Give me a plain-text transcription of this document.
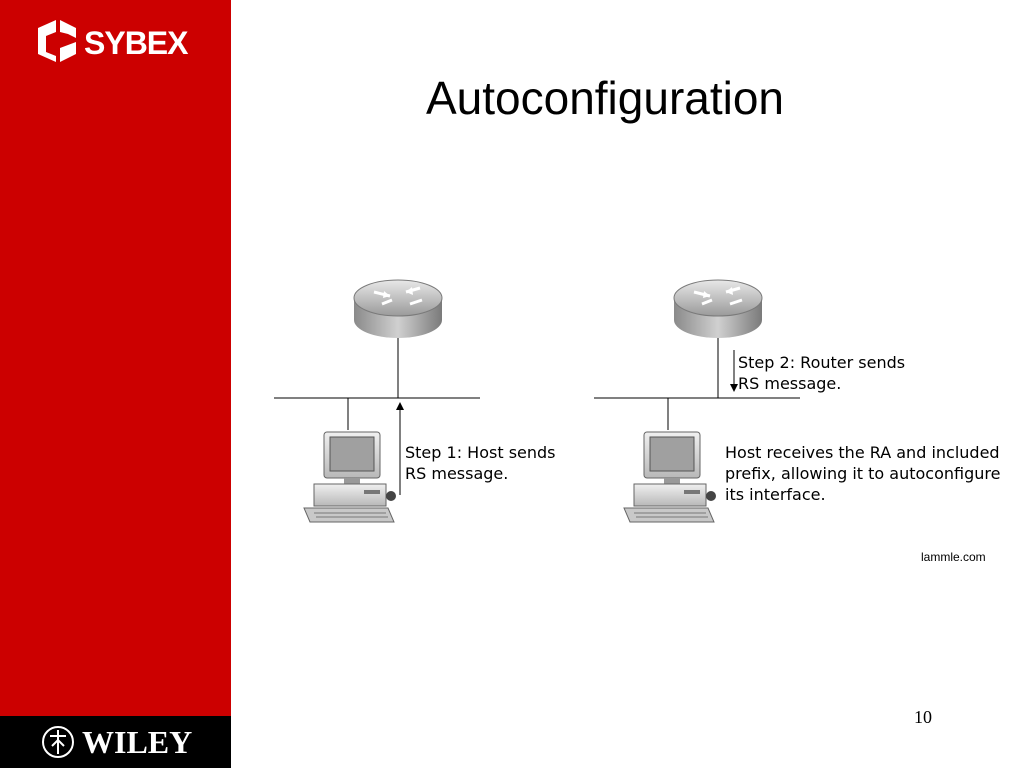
SYBEX
WILEY
Autoconfiguration
Step 1: Host sends
RS message.
Step 2: Router sends
RS message.
Host receives the RA and included
prefix, allowing it to autoconfigure
its interface.
lammle.com
10
